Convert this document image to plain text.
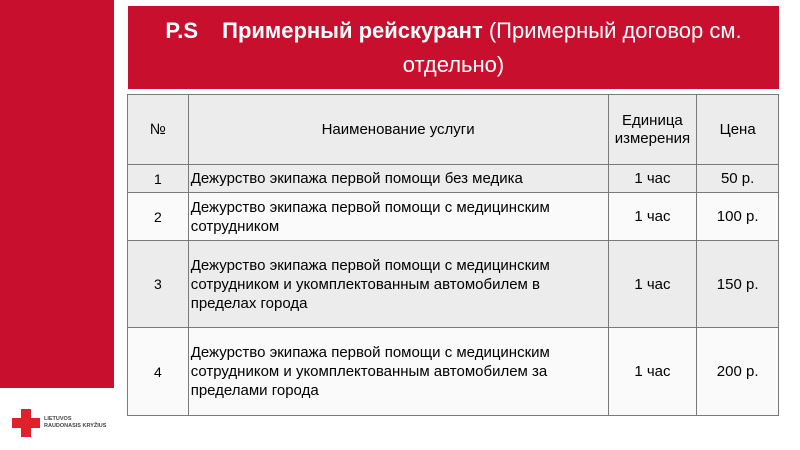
P.S Примерный рейскурант (Примерный договор см. отдельно)
№	Наименование услуги	Единица измерения	Цена
1	Дежурство экипажа первой помощи без медика	1 час	50 р.
2	Дежурство экипажа первой помощи с медицинским сотрудником	1 час	100 р.
3	Дежурство экипажа первой помощи с медицинским сотрудником и укомплектованным автомобилем в пределах города	1 час	150 р.
4	Дежурство экипажа первой помощи с медицинским сотрудником и укомплектованным автомобилем за пределами города	1 час	200 р.
LIETUVOS
RAUDONASIS KRYŽIUS
